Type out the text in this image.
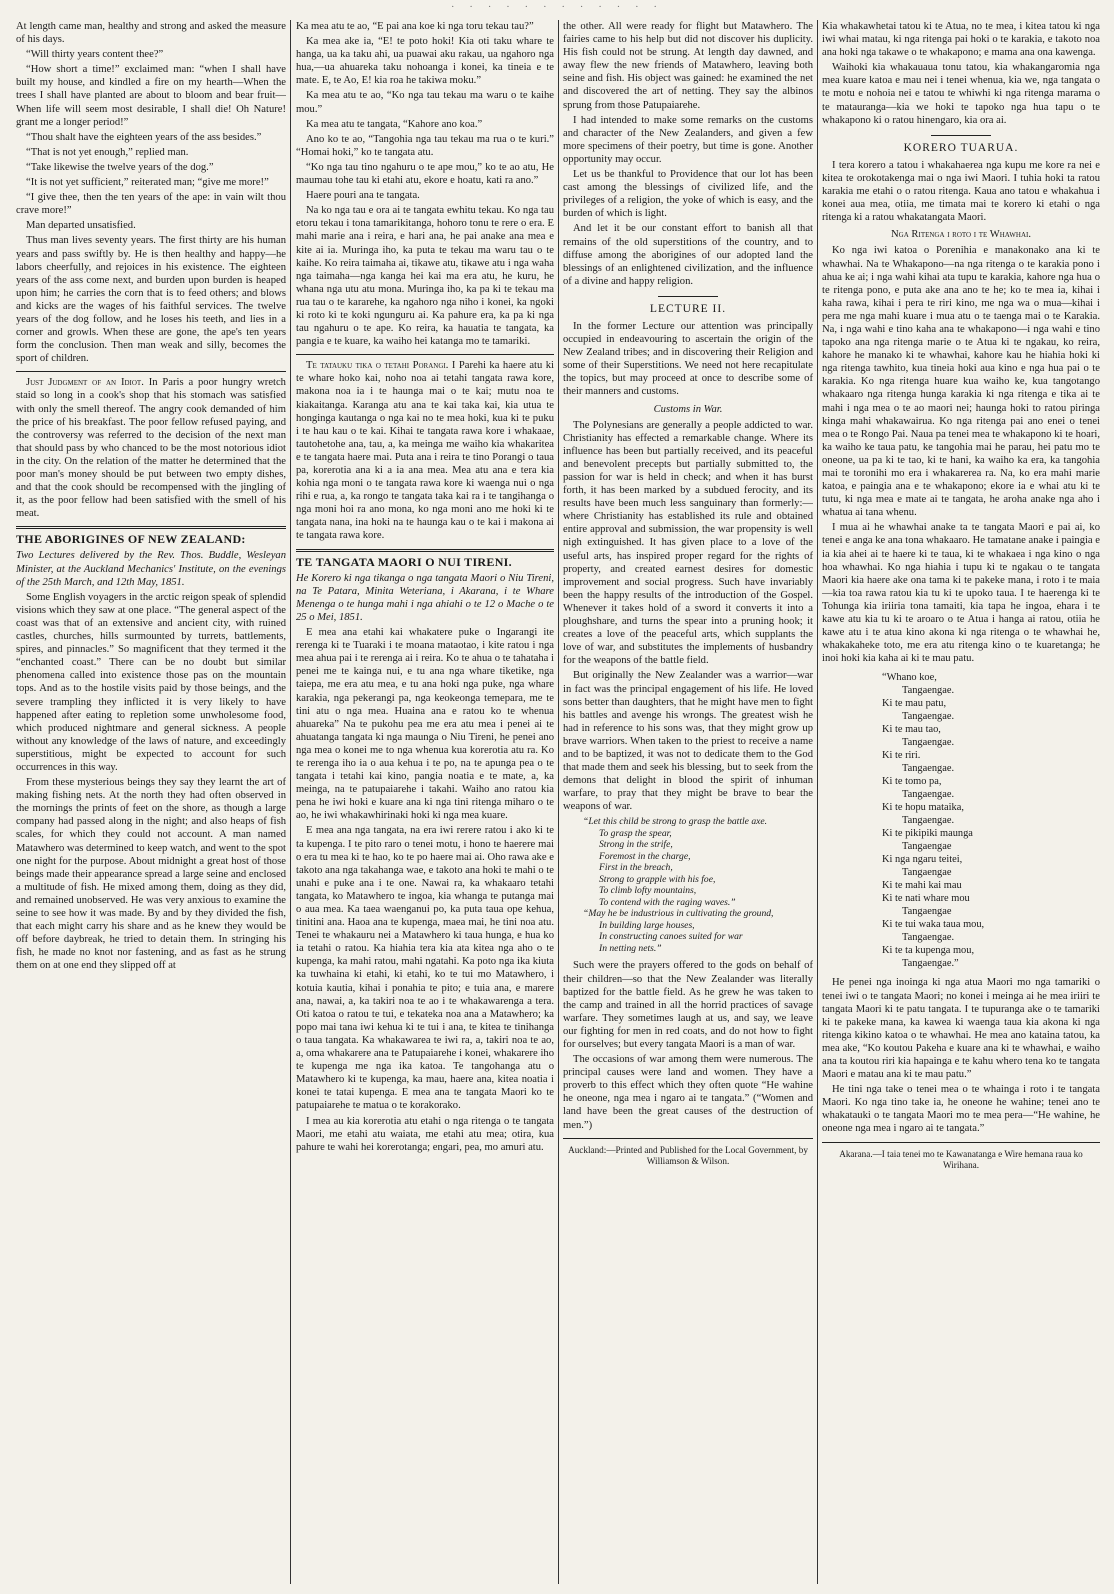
· · · · · · · · · · · ·

At length came man, healthy and strong and asked the measure of his days.

“Will thirty years content thee?”

“How short a time!” exclaimed man: “when I shall have built my house, and kindled a fire on my hearth—When the trees I shall have planted are about to bloom and bear fruit—When life will seem most desirable, I shall die! Oh Nature! grant me a longer period!”

“Thou shalt have the eighteen years of the ass besides.”

“That is not yet enough,” replied man.

“Take likewise the twelve years of the dog.”

“It is not yet sufficient,” reiterated man; “give me more!”

“I give thee, then the ten years of the ape: in vain wilt thou crave more!”

Man departed unsatisfied.

Thus man lives seventy years. The first thirty are his human years and pass swiftly by. He is then healthy and happy—he labors cheerfully, and rejoices in his existence. The eighteen years of the ass come next, and burden upon burden is heaped upon him; he carries the corn that is to feed others; and blows and kicks are the wages of his faithful services. The twelve years of the dog follow, and he loses his teeth, and lies in a corner and growls. When these are gone, the ape's ten years form the conclusion. Then man weak and silly, becomes the sport of children.

Just Judgment of an Idiot. In Paris a poor hungry wretch staid so long in a cook's shop that his stomach was satisfied with only the smell thereof. The angry cook demanded of him the price of his breakfast. The poor fellow refused paying, and the controversy was referred to the decision of the next man that should pass by who chanced to be the most notorious idiot in the city. On the relation of the matter he determined that the poor man's money should be put between two empty dishes, and that the cook should be recompensed with the jingling of it, as the poor fellow had been satisfied with the smell of his meat.

THE ABORIGINES OF NEW ZEALAND:

Two Lectures delivered by the Rev. Thos. Buddle, Wesleyan Minister, at the Auckland Mechanics' Institute, on the evenings of the 25th March, and 12th May, 1851.

Some English voyagers in the arctic reigon speak of splendid visions which they saw at one place. “The general aspect of the coast was that of an extensive and ancient city, with ruined castles, churches, hills surmounted by turrets, battlements, spires, and pinnacles.” So magnificent that they termed it the “enchanted coast.” There can be no doubt but similar phenomena called into existence those pas on the mountain tops. And as to the hostile visits paid by those beings, and the severe trampling they inflicted it is very likely to have happened after eating to repletion some unwholesome food, which produced nightmare and general sickness. A people without any knowledge of the laws of nature, and exceedingly superstitious, might be expected to account for such occurrences in this way.

From these mysterious beings they say they learnt the art of making fishing nets. At the north they had often observed in the mornings the prints of feet on the shore, as though a large company had passed along in the night; and also heaps of fish scales, for which they could not account. A man named Matawhero was determined to keep watch, and went to the spot one night for the purpose. About midnight a great host of those beings made their appearance spread a large seine and enclosed a multitude of fish. He mixed among them, doing as they did, and remained unobserved. He was very anxious to examine the seine to see how it was made. By and by they divided the fish, that each might carry his share and as he knew they would be off before daybreak, he tried to detain them. In stringing his fish, he made no knot nor fastening, and as fast as he strung them on at one end they slipped off at

Ka mea atu te ao, “E pai ana koe ki nga toru tekau tau?”

Ka mea ake ia, “E! te poto hoki! Kia oti taku whare te hanga, ua ka taku ahi, ua puawai aku rakau, ua ngahoro nga hua,—ua ahuareka taku nohoanga i konei, ka tineia e te mate. E, te Ao, E! kia roa he takiwa moku.”

Ka mea atu te ao, “Ko nga tau tekau ma waru o te kaihe mou.”

Ka mea atu te tangata, “Kahore ano koa.”

Ano ko te ao, “Tangohia nga tau tekau ma rua o te kuri.” “Homai hoki,” ko te tangata atu.

“Ko nga tau tino ngahuru o te ape mou,” ko te ao atu, He maumau tohe tau ki etahi atu, ekore e hoatu, kati ra ano.”

Haere pouri ana te tangata.

Na ko nga tau e ora ai te tangata ewhitu tekau. Ko nga tau etoru tekau i tona tamarikitanga, hohoro tonu te rere o era. E mahi marie ana i reira, e hari ana, he pai anake ana mea e kite ai ia. Muringa iho, ka puta te tekau ma waru tau o te kaihe. Ko reira taimaha ai, tikawe atu, tikawe atu i nga waha nga taimaha—nga kanga hei kai ma era atu, he kuru, he whana nga utu atu mona. Muringa iho, ka pa ki te tekau ma rua tau o te kararehe, ka ngahoro nga niho i konei, ka ngoki ki roto ki te koki ngunguru ai. Ka pahure era, ka pa ki nga tau ngahuru o te ape. Ko reira, ka hauatia te tangata, ka pangia e te kuare, ka waiho hei katanga mo te tamariki.

Te tatauku tika o tetahi Porangi. I Parehi ka haere atu ki te whare hoko kai, noho noa ai tetahi tangata rawa kore, makona noa ia i te haunga mai o te kai; mutu noa te kiakaitanga. Karanga atu ana te kai taka kai, kia utua te honginga kautanga o nga kai no te mea hoki, kua ki te puku i te hau kau o te kai. Kihai te tangata rawa kore i whakaae, tautohetohe ana, tau, a, ka meinga me waiho kia whakaritea e te tangata haere mai. Puta ana i reira te tino Porangi o taua pa, korerotia ana ki a ia ana mea. Mea atu ana e tera kia kohia nga moni o te tangata rawa kore ki waenga nui o nga rihi e rua, a, ka rongo te tangata taka kai ra i te tangihanga o nga moni hoi ra ano mona, ko nga moni ano me hoki ki te tangata nana, ina hoki na te haunga kau o te kai i makona ai te tangata rawa kore.

TE TANGATA MAORI O NUI TIRENI.

He Korero ki nga tikanga o nga tangata Maori o Niu Tireni, na Te Patara, Minita Weteriana, i Akarana, i te Whare Menenga o te hunga mahi i nga ahiahi o te 12 o Mache o te 25 o Mei, 1851.

E mea ana etahi kai whakatere puke o Ingarangi ite rerenga ki te Tuaraki i te moana mataotao, i kite ratou i nga mea ahua pai i te rerenga ai i reira. Ko te ahua o te tahataha i penei me te kainga nui, e tu ana nga whare tiketike, nga taiepa, me era atu mea, e tu ana hoki nga puke, nga whare karakia, nga pekerangi pa, nga keokeonga temepara, me te tini atu o nga mea. Huaina ana e ratou ko te whenua ahuareka” Na te pukohu pea me era atu mea i penei ai te ahuatanga tangata ki nga maunga o Niu Tireni, he penei ano nga mea o konei me to nga whenua kua korerotia atu ra. Ko te rerenga iho ia o aua kehua i te po, na te apunga pea o te tangata i tetahi kai kino, pangia noatia e te mate, a, ka meinga, na te patupaiarehe i takahi. Waiho ano ratou kia pena he iwi hoki e kuare ana ki nga tini ritenga miharo o te ao, he iwi whakawhirinaki hoki ki nga mea kuare.

E mea ana nga tangata, na era iwi rerere ratou i ako ki te ta kupenga. I te pito raro o tenei motu, i hono te haerere mai o era tu mea ki te hao, ko te po haere mai ai. Oho rawa ake e takoto ana nga takahanga wae, e takoto ana hoki te mahi o te unahi e puke ana i te one. Nawai ra, ka whakaaro tetahi tangata, ko Matawhero te ingoa, kia whanga te putanga mai o aua mea. Ka taea waenganui po, ka puta taua ope kehua, tinitini ana. Haoa ana te kupenga, maea mai, he tini noa atu. Tenei te whakauru nei a Matawhero ki taua hunga, e hua ko ia tetahi o ratou. Ka hiahia tera kia ata kitea nga aho o te kupenga, ka mahi ratou, mahi ngatahi. Ka poto nga ika kiuta ka tuwhaina ki etahi, ki etahi, ko te tui mo Matawhero, i kotuia kautia, kihai i ponahia te pito; e tuia ana, e marere ana, nawai, a, ka takiri noa te ao i te whakawarenga a tera. Oti katoa o ratou te tui, e tekateka noa ana a Matawhero; ka popo mai tana iwi kehua ki te tui i ana, te kitea te tinihanga o taua tangata. Ka whakawarea te iwi ra, a, takiri noa te ao, a, oma whakarere ana te Patupaiarehe i konei, whakarere iho te kupenga me nga ika katoa. Te tangohanga atu o Matawhero ki te kupenga, ka mau, haere ana, kitea noatia i konei te tatai kupenga. E mea ana te tangata Maori ko te patupaiarehe te matua o te korakorako.

I mea au kia korerotia atu etahi o nga ritenga o te tangata Maori, me etahi atu waiata, me etahi atu mea; otira, kua pahure te wahi hei korerotanga; engari, pea, mo amuri atu.

the other. All were ready for flight but Matawhero. The fairies came to his help but did not discover his duplicity. His fish could not be strung. At length day dawned, and away flew the new friends of Matawhero, leaving both seine and fish. His object was gained: he examined the net and discovered the art of netting. They say the albinos sprung from those Patupaiarehe.

I had intended to make some remarks on the customs and character of the New Zealanders, and given a few more specimens of their poetry, but time is gone. Another opportunity may occur.

Let us be thankful to Providence that our lot has been cast among the blessings of civilized life, and the privileges of a religion, the yoke of which is easy, and the burden of which is light.

And let it be our constant effort to banish all that remains of the old superstitions of the country, and to diffuse among the aborigines of our adopted land the blessings of an enlightened civilization, and the influence of a divine and happy religion.

LECTURE II.

In the former Lecture our attention was principally occupied in endeavouring to ascertain the origin of the New Zealand tribes; and in discovering their Religion and some of their Superstitions. We need not here recapitulate the topics, but may proceed at once to describe some of their manners and customs.

Customs in War.

The Polynesians are generally a people addicted to war. Christianity has effected a remarkable change. Where its influence has been but partially received, and its peaceful and benevolent precepts but partially submitted to, the passion for war is held in check; and when it has burst forth, it has been marked by a subdued ferocity, and its results have been much less sanguinary than formerly:—where Christianity has established its rule and obtained entire approval and submission, the war propensity is well nigh extinguished. It has given place to a love of the useful arts, has inspired proper regard for the rights of property, and created earnest desires for domestic improvement and social progress. Such have invariably been the happy results of the introduction of the Gospel. Whenever it takes hold of a sword it converts it into a ploughshare, and turns the spear into a pruning hook; it creates a love of the peaceful arts, which supplants the love of war, and substitutes the implements of husbandry for the weapons of the battle field.

But originally the New Zealander was a warrior—war in fact was the principal engagement of his life. He loved sons better than daughters, that he might have men to fight his battles and avenge his wrongs. The greatest wish he had in reference to his sons was, that they might grow up brave warriors. When taken to the priest to receive a name and to be baptized, it was not to dedicate them to the God that made them and seek his blessing, but to seek from the demons that delight in blood the spirit of inhuman warfare, to pray that they might be brave to bear the weapons of war.

“Let this child be strong to grasp the battle axe.
To grasp the spear,
Strong in the strife,
Foremost in the charge,
First in the breach,
Strong to grapple with his foe,
To climb lofty mountains,
To contend with the raging waves.”
“May he be industrious in cultivating the ground,
In building large houses,
In constructing canoes suited for war
In netting nets.”

Such were the prayers offered to the gods on behalf of their children—so that the New Zealander was literally baptized for the battle field. As he grew he was taken to the camp and trained in all the horrid practices of savage warfare. They sometimes laugh at us, and say, we leave our fighting for men in red coats, and do not how to fight for ourselves; but every tangata Maori is a man of war.

The occasions of war among them were numerous. The principal causes were land and women. They have a proverb to this effect which they often quote “He wahine he oneone, nga mea i ngaro ai te tangata.” (“Women and land have been the great causes of the destruction of men.”)

Auckland:—Printed and Published for the Local Government, by Williamson & Wilson.

Kia whakawhetai tatou ki te Atua, no te mea, i kitea tatou ki nga iwi whai matau, ki nga ritenga pai hoki o te karakia, e takoto noa ana hoki nga takawe o te whakapono; e mama ana ona kawenga.

Waihoki kia whakauaua tonu tatou, kia whakangaromia nga mea kuare katoa e mau nei i tenei whenua, kia we, nga tangata o te motu e nohoia nei e tatou te whiwhi ki nga ritenga marama o te matauranga—kia we hoki te tapoko nga hua tapu o te whakapono ki o ratou hinengaro, kia ora ai.

KORERO TUARUA.

I tera korero a tatou i whakahaerea nga kupu me kore ra nei e kitea te orokotakenga mai o nga iwi Maori. I tuhia hoki ta ratou karakia me etahi o o ratou ritenga. Kaua ano tatou e whakahua i konei aua mea, otiia, me timata mai te korero ki etahi o nga ritenga ki a ratou whakatangata Maori.

Nga Ritenga i roto i te Whawhai.

Ko nga iwi katoa o Porenihia e manakonako ana ki te whawhai. Na te Whakapono—na nga ritenga o te karakia pono i ahua ke ai; i nga wahi kihai ata tupu te karakia, kahore nga hua o te ritenga pono, e puta ake ana ano te he; ko te mea ia, kihai i kaha rawa, kihai i pera te riri kino, me nga wa o mua—kihai i pera me nga mahi kuare i mua atu o te taenga mai o te Karakia. Na, i nga wahi e tino kaha ana te whakapono—i nga wahi e tino tapoko ana nga ritenga marie o te Atua ki te ngakau, ko reira, kahore he manako ki te whawhai, kahore kau he hiahia hoki ki nga ritenga tawhito, kua tineia hoki aua kino e nga hua pai o te karakia. Ko nga ritenga huare kua waiho ke, kua tangotango whakaaro nga ritenga hunga karakia ki nga ritenga e tika ai te mahi i nga mea o te ao maori nei; haunga hoki to ratou piringa kinga mahi whakawairua. Ko nga ritenga pai ano enei o tenei mea o te Rongo Pai. Naua pa tenei mea te whakapono ki te hoari, ka waiho ke taua patu, ke tangohia mai he parau, hei patu mo te oneone, ua pa ki te tao, ki te hani, ka waiho ka era, ka tangohia mai te toronihi mo era i whakarerea ra. Na, ko era mahi marie katoa, e paingia ana e te whakapono; ekore ia e whai atu ki te tutu, ki nga mea e mate ai te tangata, he aroha anake nga aho i whatua ai tana whenu.

I mua ai he whawhai anake ta te tangata Maori e pai ai, ko tenei e anga ke ana tona whakaaro. He tamatane anake i paingia e ia kia ahei ai te haere ki te taua, ki te whakaea i nga kino o nga hoa whawhai. Ko nga hiahia i tupu ki te ngakau o te tangata Maori kia haere ake ona tama ki te pakeke mana, i roto i te maia—kia toa rawa ratou kia tu ki te upoko taua. I te haerenga ki te Tohunga kia iriiria tona tamaiti, kia tapa he ingoa, ehara i te kawe atu kia tu ki te aroaro o te Atua i hanga ai ratou, otiia he kawe atu i te atua kino akona ki nga ritenga o te whawhai he, whakakaheke toto, me era atu ritenga kino o te kuaretanga; he inoi hoki kia kaha ai ki te mau patu.

“Whano koe,
Tangaengae.
Ki te mau patu,
Tangaengae.
Ki te mau tao,
Tangaengae.
Ki te riri.
Tangaengae.
Ki te tomo pa,
Tangaengae.
Ki te hopu mataika,
Tangaengae.
Ki te pikipiki maunga
Tangaengae
Ki nga ngaru teitei,
Tangaengae
Ki te mahi kai mau
Ki te nati whare mou
Tangaengae
Ki te tui waka taua mou,
Tangaengae.
Ki te ta kupenga mou,
Tangaengae.”

He penei nga inoinga ki nga atua Maori mo nga tamariki o tenei iwi o te tangata Maori; no konei i meinga ai he mea iriiri te tangata Maori ki te patu tangata. I te tupuranga ake o te tamariki ki te pakeke mana, ka kawea ki waenga taua kia akona ki nga ritenga kikino katoa o te whawhai. He mea ano kataina tatou, ka mea ake, “Ko koutou Pakeha e kuare ana ki te whawhai, e waiho ana ta koutou riri kia hapainga e te kahu whero tena ko te tangata Maori e matau ana ki te mau patu.”

He tini nga take o tenei mea o te whainga i roto i te tangata Maori. Ko nga tino take ia, he oneone he wahine; tenei ano te whakatauki o te tangata Maori mo te mea pera—“He wahine, he oneone nga mea i ngaro ai te tangata.”

Akarana.—I taia tenei mo te Kawanatanga e Wire hemana raua ko Wirihana.
